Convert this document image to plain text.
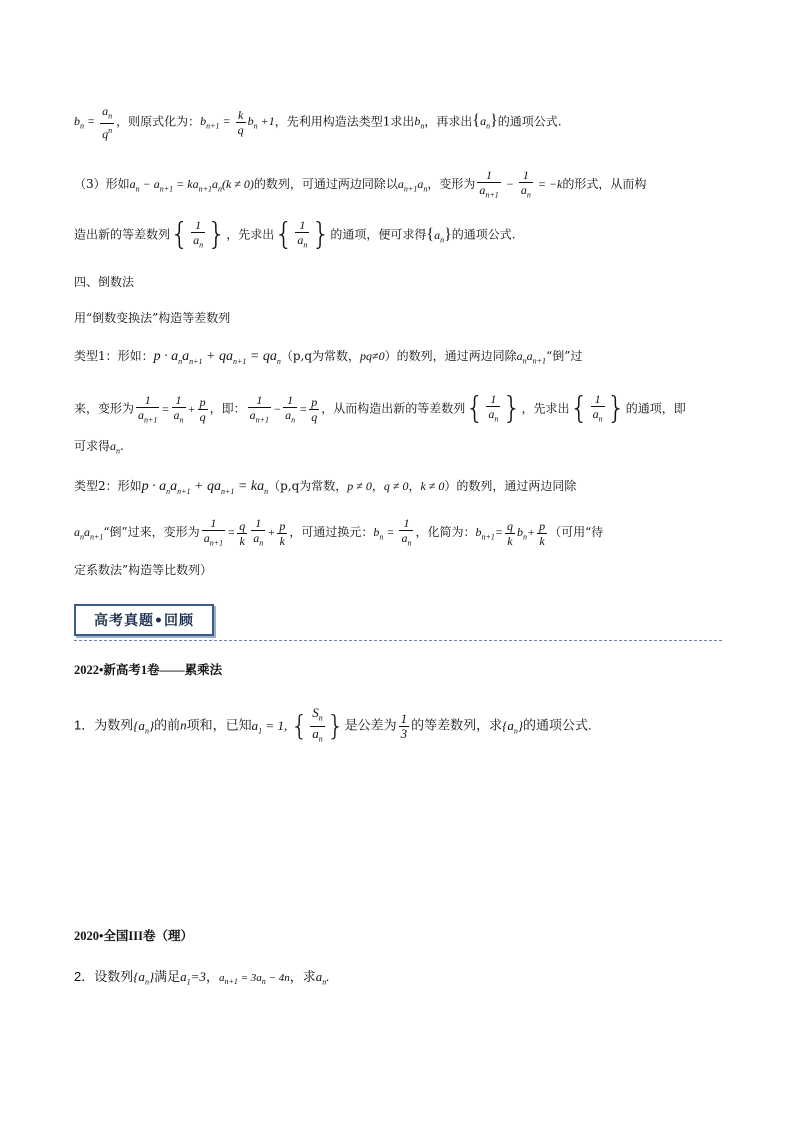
$b_n = \frac{a_n}{q^n}$ ，则原式化为：$b_{n+1} = \frac{k}{q} b_n +1$，先利用构造法类型1求出$b_n$，再求出$\{a_n\}$的通项公式.
（3）形如$a_n - a_{n+1} = ka_{n+1}a_n(k \ne 0)$的数列，可通过两边同除以$a_{n+1}a_n$，变形为 $\frac{1}{a_{n+1}} - \frac{1}{a_n} = -k$的形式，从而构
造出新的等差数列{ $\frac{1}{a_n}$ }，先求出{ $\frac{1}{a_n}$ }的通项，便可求得$\{a_n\}$的通项公式.
四、倒数法
用“倒数变换法”构造等差数列
类型1：形如：$p \cdot a_na_{n+1} + qa_{n+1} = qa_n(p,q$为常数，pq≠0）的数列，通过两边同除$a_na_{n+1}“$倒”过
来，变形为 $\frac{1}{a_{n+1}} = \frac{1}{a_n} + \frac{p}{q}$ ，即： $\frac{1}{a_{n+1}} - \frac{1}{a_n} = \frac{p}{q}$ ，从而构造出新的等差数列{ $\frac{1}{a_n}$ }，先求出{ $\frac{1}{a_n}$ }的通项，即
可求得$a_n$.
类型2：形如$p \cdot a_na_{n+1} + qa_{n+1} = ka_n(p,q$为常数，p ≠ 0，q ≠ 0，k ≠ 0）的数列，通过两边同除
$a_na_{n+1}“$倒”过来，变形为 $\frac{1}{a_{n+1}} = \frac{q}{k} \frac{1}{a_n} + \frac{p}{k}$ ，可通过换元：$b_n = \frac{1}{a_n}$ ，化简为：$b_{n+1}= \frac{q}{k} b_n+ \frac{p}{k}$ （可用“待
定系数法”构造等比数列）
高考真题•回顾
2022•新高考1卷——累乘法
1．为数列$\{a_n\}$的前n项和，已知$a_1 = 1$, { $\frac{S_n}{a_n}$ }是公差为 $\frac{1}{3}$ 的等差数列，求$\{a_n\}$的通项公式.
2020•全国III卷（理）
2．设数列$\{a_n\}$满足$a_1=3$，$a_{n+1} = 3a_n - 4n$，求$a_n$.
